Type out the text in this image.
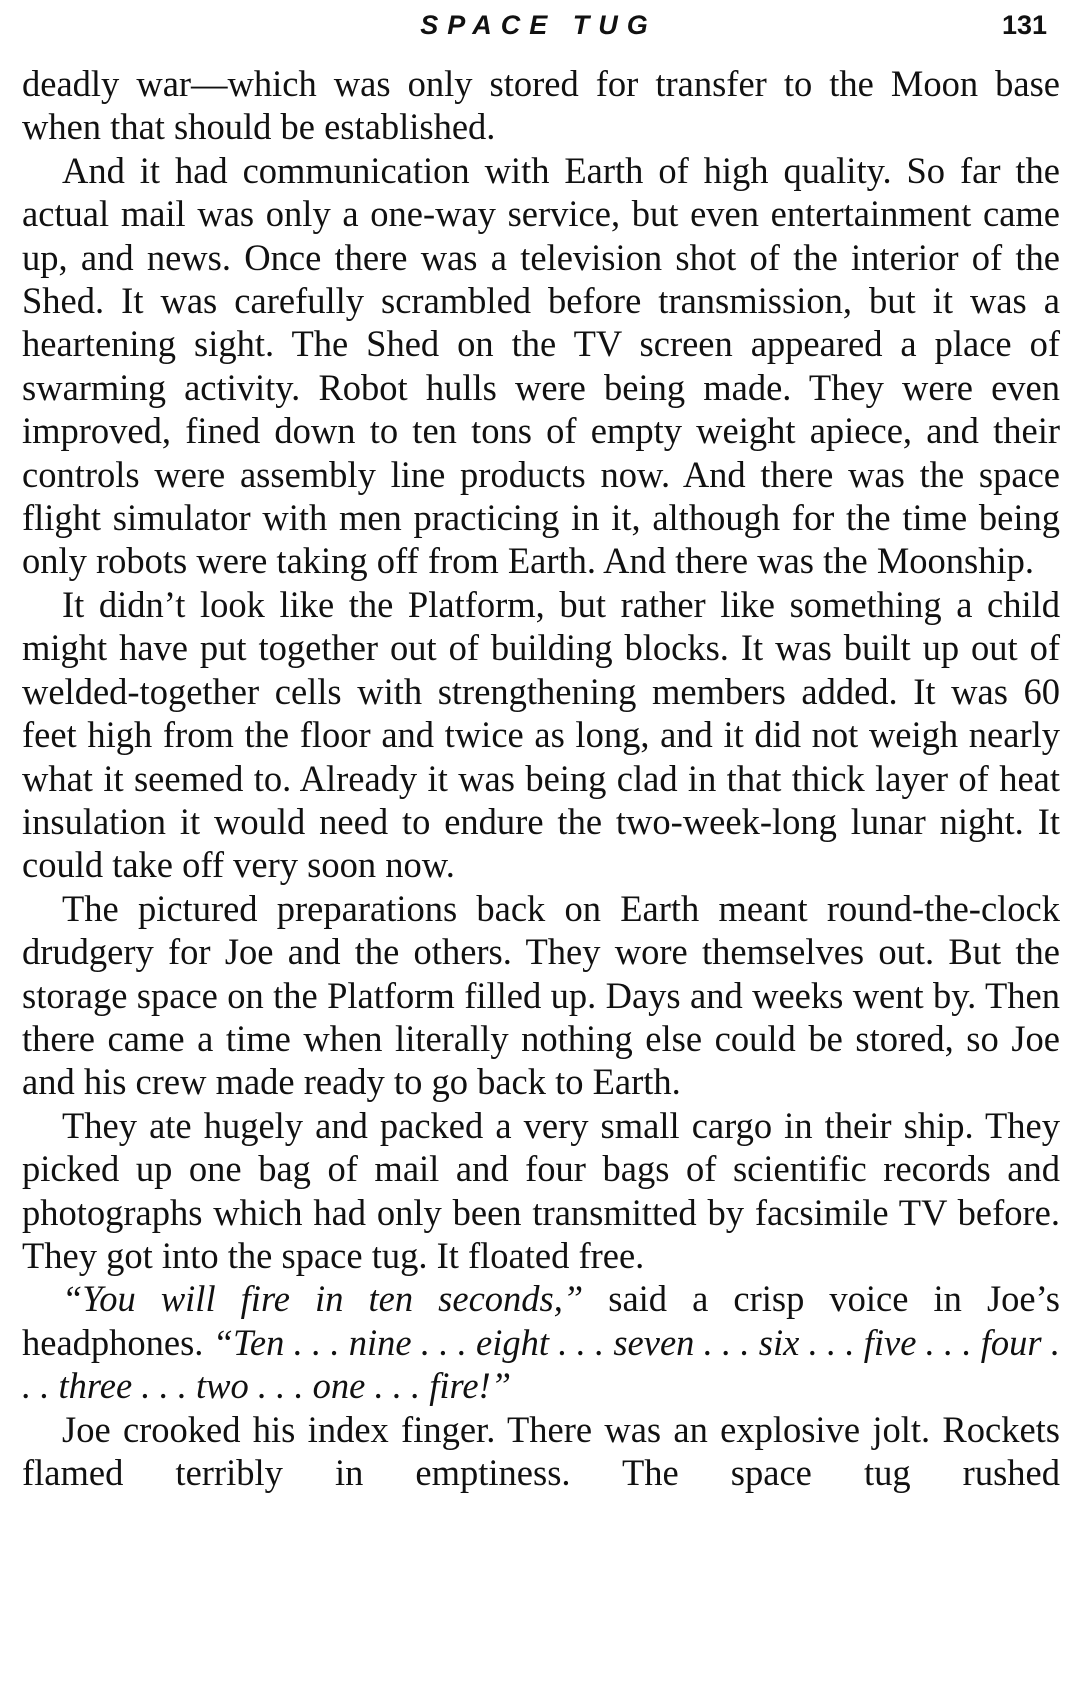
SPACE TUG	131

deadly war—which was only stored for transfer to the Moon base when that should be established.

And it had communication with Earth of high quality. So far the actual mail was only a one-way service, but even entertainment came up, and news. Once there was a television shot of the interior of the Shed. It was carefully scrambled before transmission, but it was a heartening sight. The Shed on the TV screen appeared a place of swarming activity. Robot hulls were being made. They were even improved, fined down to ten tons of empty weight apiece, and their controls were assembly line products now. And there was the space flight simulator with men practicing in it, although for the time being only robots were taking off from Earth. And there was the Moonship.

It didn’t look like the Platform, but rather like something a child might have put together out of building blocks. It was built up out of welded-together cells with strengthening members added. It was 60 feet high from the floor and twice as long, and it did not weigh nearly what it seemed to. Already it was being clad in that thick layer of heat insulation it would need to endure the two-week-long lunar night. It could take off very soon now.

The pictured preparations back on Earth meant round-the-clock drudgery for Joe and the others. They wore themselves out. But the storage space on the Platform filled up. Days and weeks went by. Then there came a time when literally nothing else could be stored, so Joe and his crew made ready to go back to Earth.

They ate hugely and packed a very small cargo in their ship. They picked up one bag of mail and four bags of scientific records and photographs which had only been transmitted by facsimile TV before. They got into the space tug. It floated free.

“You will fire in ten seconds,” said a crisp voice in Joe’s headphones. “Ten . . . nine . . . eight . . . seven . . . six . . . five . . . four . . . three . . . two . . . one . . . fire!”

Joe crooked his index finger. There was an explosive jolt. Rockets flamed terribly in emptiness. The space tug rushed
